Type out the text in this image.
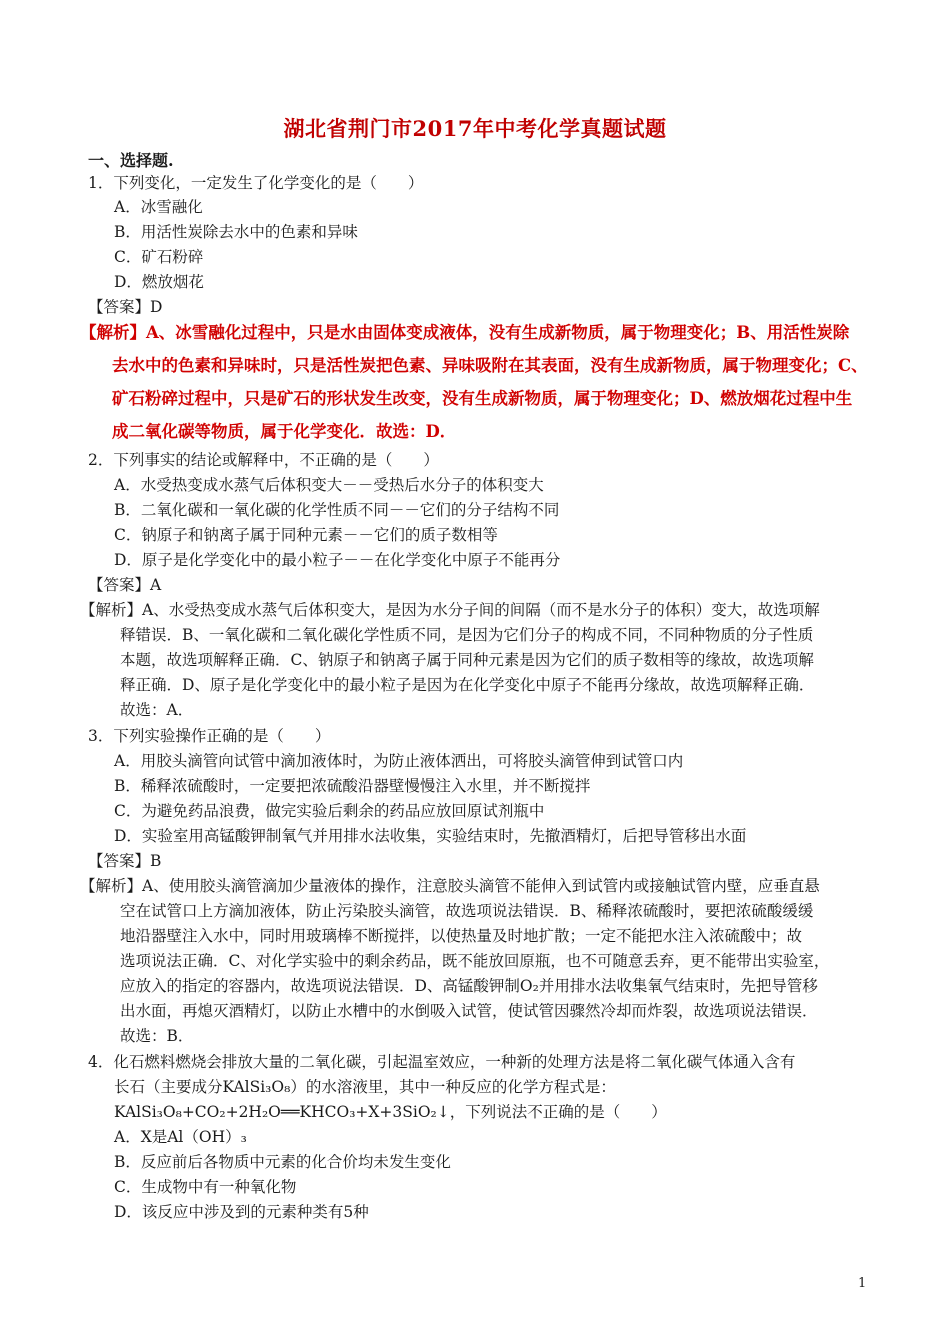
湖北省荆门市2017年中考化学真题试题
一、选择题.
1．下列变化，一定发生了化学变化的是（　　）
A．冰雪融化
B．用活性炭除去水中的色素和异味
C．矿石粉碎
D．燃放烟花
【答案】D
【解析】A、冰雪融化过程中，只是水由固体变成液体，没有生成新物质，属于物理变化；B、用活性炭除
去水中的色素和异味时，只是活性炭把色素、异味吸附在其表面，没有生成新物质，属于物理变化；C、
矿石粉碎过程中，只是矿石的形状发生改变，没有生成新物质，属于物理变化；D、燃放烟花过程中生
成二氧化碳等物质，属于化学变化．故选：D．
2．下列事实的结论或解释中，不正确的是（　　）
A．水受热变成水蒸气后体积变大－－受热后水分子的体积变大
B．二氧化碳和一氧化碳的化学性质不同－－它们的分子结构不同
C．钠原子和钠离子属于同种元素－－它们的质子数相等
D．原子是化学变化中的最小粒子－－在化学变化中原子不能再分
【答案】A
【解析】A、水受热变成水蒸气后体积变大，是因为水分子间的间隔（而不是水分子的体积）变大，故选项解
释错误．B、一氧化碳和二氧化碳化学性质不同，是因为它们分子的构成不同，不同种物质的分子性质
本题，故选项解释正确．C、钠原子和钠离子属于同种元素是因为它们的质子数相等的缘故，故选项解
释正确．D、原子是化学变化中的最小粒子是因为在化学变化中原子不能再分缘故，故选项解释正确．
故选：A．
3．下列实验操作正确的是（　　）
A．用胶头滴管向试管中滴加液体时，为防止液体洒出，可将胶头滴管伸到试管口内
B．稀释浓硫酸时，一定要把浓硫酸沿器壁慢慢注入水里，并不断搅拌
C．为避免药品浪费，做完实验后剩余的药品应放回原试剂瓶中
D．实验室用高锰酸钾制氧气并用排水法收集，实验结束时，先撤酒精灯，后把导管移出水面
【答案】B
【解析】A、使用胶头滴管滴加少量液体的操作，注意胶头滴管不能伸入到试管内或接触试管内壁，应垂直悬
空在试管口上方滴加液体，防止污染胶头滴管，故选项说法错误．B、稀释浓硫酸时，要把浓硫酸缓缓
地沿器壁注入水中，同时用玻璃棒不断搅拌，以使热量及时地扩散；一定不能把水注入浓硫酸中；故
选项说法正确．C、对化学实验中的剩余药品，既不能放回原瓶，也不可随意丢弃，更不能带出实验室，
应放入的指定的容器内，故选项说法错误．D、高锰酸钾制O₂并用排水法收集氧气结束时，先把导管移
出水面，再熄灭酒精灯，以防止水槽中的水倒吸入试管，使试管因骤然冷却而炸裂，故选项说法错误．
故选：B．
4．化石燃料燃烧会排放大量的二氧化碳，引起温室效应，一种新的处理方法是将二氧化碳气体通入含有
长石（主要成分KAlSi₃O₈）的水溶液里，其中一种反应的化学方程式是：
KAlSi₃O₈+CO₂+2H₂O══KHCO₃+X+3SiO₂↓，下列说法不正确的是（　　）
A．X是Al（OH）₃
B．反应前后各物质中元素的化合价均未发生变化
C．生成物中有一种氧化物
D．该反应中涉及到的元素种类有5种
1
